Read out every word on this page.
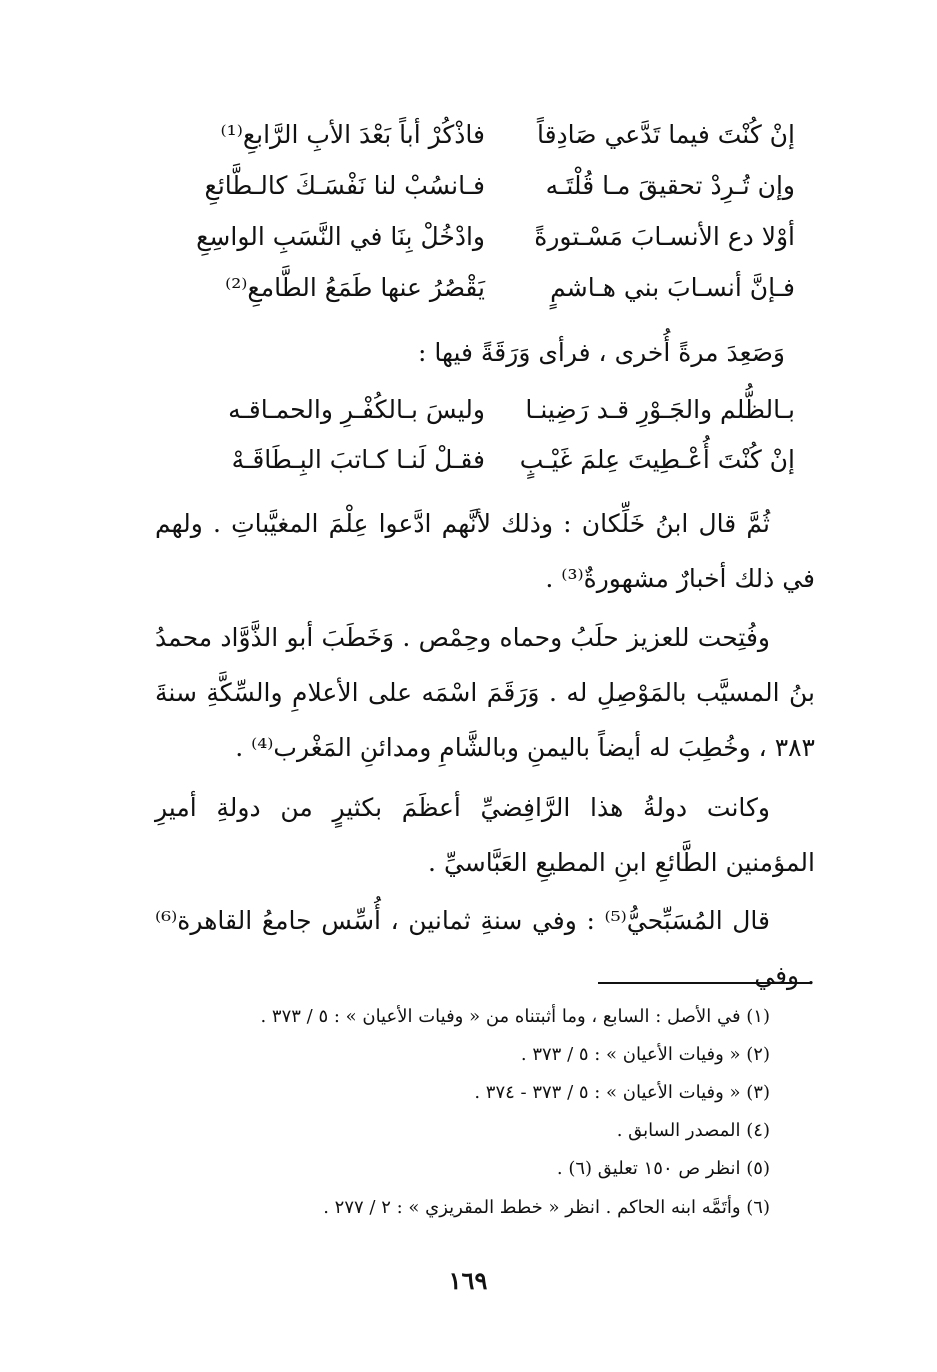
إنْ كُنْتَ فيما تَدَّعي صَادِقاً
فاذْكُرْ أباً بَعْدَ الأبِ الرَّابعِ⁽¹⁾
وإن تُـرِدْ تحقيقَ مـا قُلْتَـه
فـانسُبْ لنا نَفْسَـكَ كالـطَّائعِ
أوْلا دع الأنسـابَ مَسْـتورةً
وادْخُلْ بِنَا في النَّسَبِ الواسِعِ
فـإنَّ أنسـابَ بني هـاشمٍ
يَقْصُرُ عنها طَمَعُ الطَّامعِ⁽²⁾
وَصَعِدَ مرةً أُخرى ، فرأى وَرَقَةً فيها :
بـالظُّلم والجَـوْرِ قـد رَضِينـا
وليسَ بـالكُفْـرِ والحمـاقـه
إنْ كُنْتَ أُعْـطِيتَ عِلمَ غَيْـبٍ
فقـلْ لَنـا كـاتبَ البِـطَاقَـهْ
ثُمَّ قال ابنُ خَلِّكان : وذلك لأنَّهم ادَّعوا عِلْمَ المغيَّباتِ . ولهم في ذلك أخبارٌ مشهورةٌ⁽³⁾ .
وفُتِحت للعزيز حلَبُ وحماه وحِمْص . وَخَطَبَ أبو الذَّوَّاد محمدُ بنُ المسيَّب بالمَوْصِلِ له . وَرَقَمَ اسْمَه على الأعلامِ والسِّكَّةِ سنةَ ٣٨٣ ، وخُطِبَ له أيضاً باليمنِ وبالشَّامِ ومدائنِ المَغْرب⁽⁴⁾ .
وكانت دولةُ هذا الرَّافِضيِّ أعظَمَ بكثيرٍ من دولةِ أميرِ المؤمنين الطَّائعِ ابنِ المطيعِ العَبَّاسيِّ .
قال المُسَبِّحيُّ⁽⁵⁾ : وفي سنةِ ثمانين ، أُسِّس جامعُ القاهرة⁽⁶⁾ . وفي
(١) في الأصل : السابع ، وما أثبتناه من « وفيات الأعيان » : ٥ / ٣٧٣ .
(٢) « وفيات الأعيان » : ٥ / ٣٧٣ .
(٣) « وفيات الأعيان » : ٥ / ٣٧٣ - ٣٧٤ .
(٤) المصدر السابق .
(٥) انظر ص ١٥٠ تعليق (٦) .
(٦) وأتَمَّه ابنه الحاكم . انظر « خطط المقريزي » : ٢ / ٢٧٧ .
١٦٩
